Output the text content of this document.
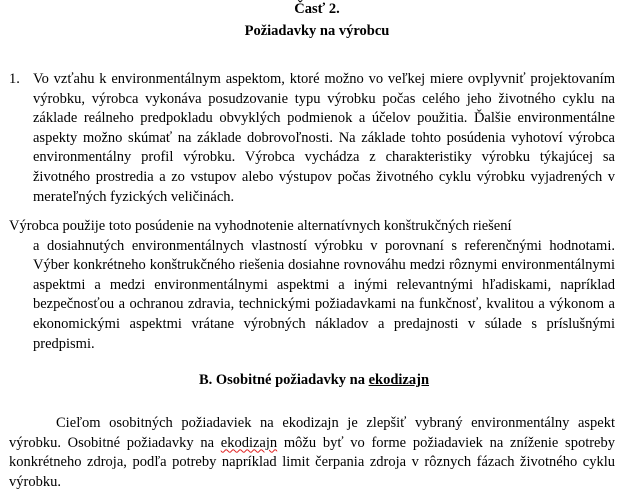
Časť 2.
Požiadavky na výrobcu
1. Vo vzťahu k environmentálnym aspektom, ktoré možno vo veľkej miere ovplyvniť projektovaním výrobku, výrobca vykonáva posudzovanie typu výrobku počas celého jeho životného cyklu na základe reálneho predpokladu obvyklých podmienok a účelov použitia. Ďalšie environmentálne aspekty možno skúmať na základe dobrovoľnosti. Na základe tohto posúdenia vyhotoví výrobca environmentálny profil výrobku. Výrobca vychádza z charakteristiky výrobku týkajúcej sa životného prostredia a zo vstupov alebo výstupov počas životného cyklu výrobku vyjadrených v merateľných fyzických veličinách.
Výrobca použije toto posúdenie na vyhodnotenie alternatívnych konštrukčných riešení
a dosiahnutých environmentálnych vlastností výrobku v porovnaní s referenčnými hodnotami. Výber konkrétneho konštrukčného riešenia dosiahne rovnováhu medzi rôznymi environmentálnymi aspektmi a medzi environmentálnymi aspektmi a inými relevantnými hľadiskami, napríklad bezpečnosťou a ochranou zdravia, technickými požiadavkami na funkčnosť, kvalitou a výkonom a ekonomickými aspektmi vrátane výrobných nákladov a predajnosti v súlade s príslušnými predpismi.
B. Osobitné požiadavky na ekodizajn
Cieľom osobitných požiadaviek na ekodizajn je zlepšiť vybraný environmentálny aspekt výrobku. Osobitné požiadavky na ekodizajn môžu byť vo forme požiadaviek na zníženie spotreby konkrétneho zdroja, podľa potreby napríklad limit čerpania zdroja v rôznych fázach životného cyklu výrobku.
